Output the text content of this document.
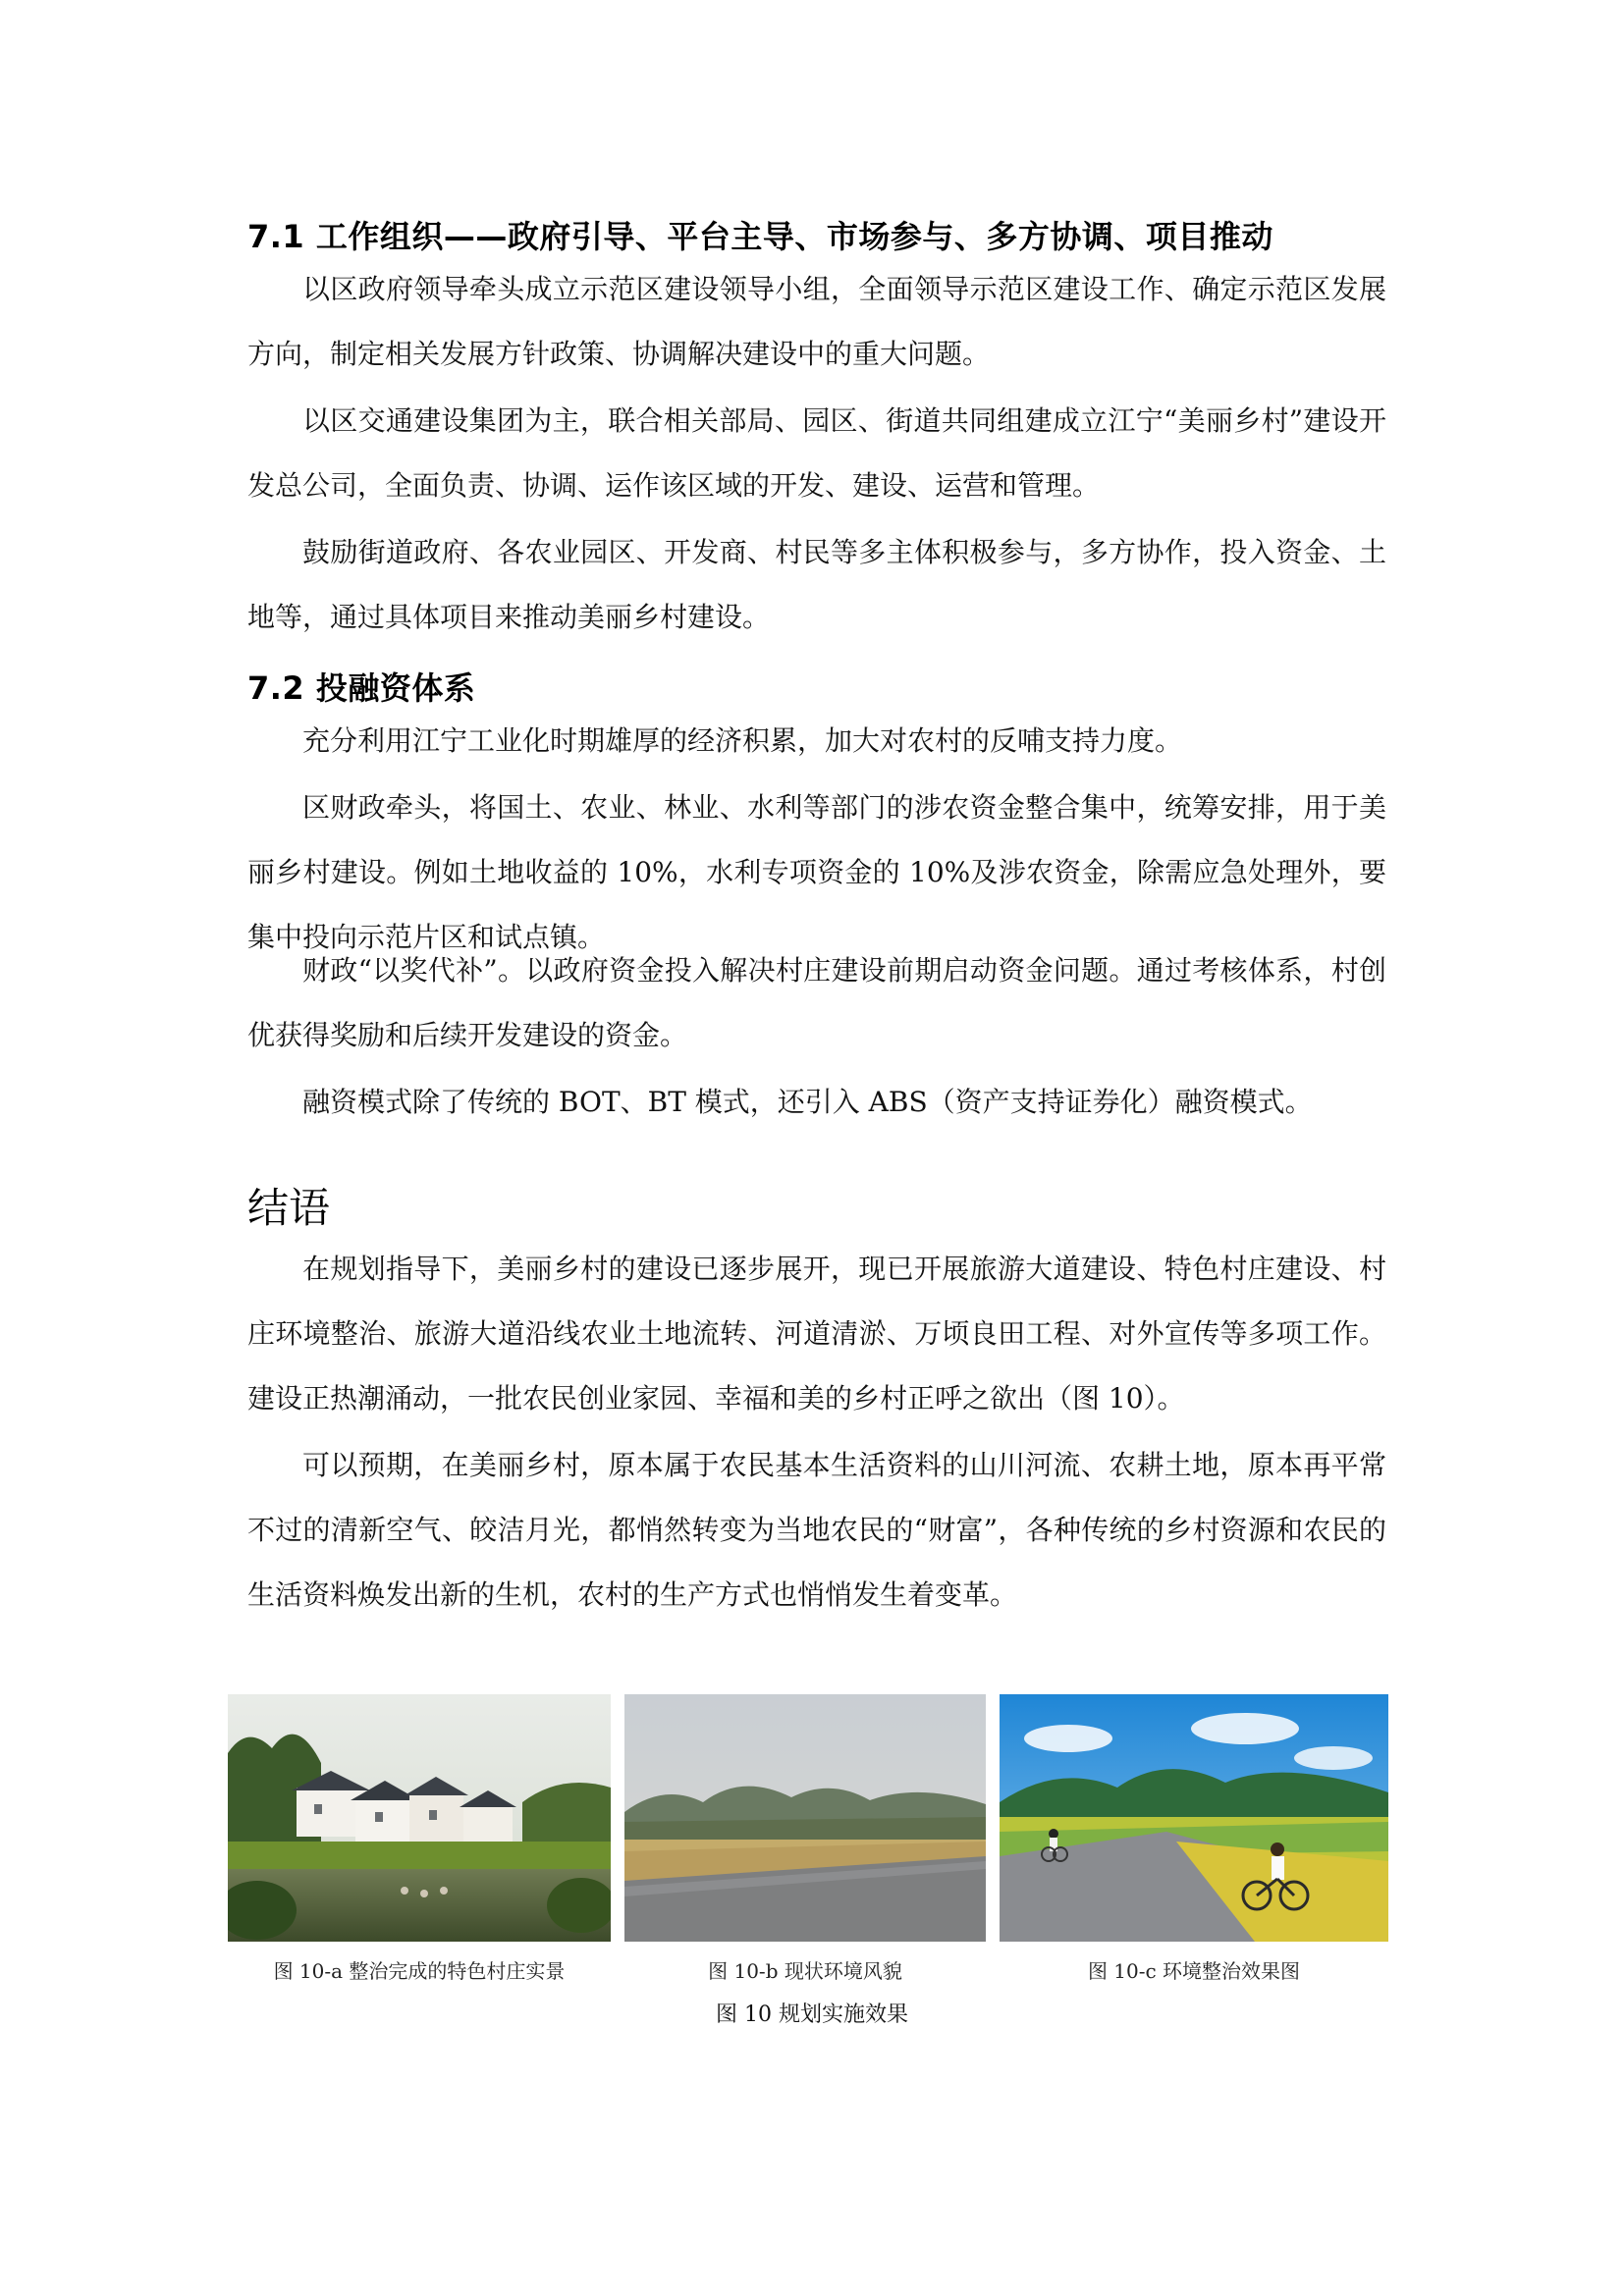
7.1 工作组织——政府引导、平台主导、市场参与、多方协调、项目推动

以区政府领导牵头成立示范区建设领导小组，全面领导示范区建设工作、确定示范区发展方向，制定相关发展方针政策、协调解决建设中的重大问题。

以区交通建设集团为主，联合相关部局、园区、街道共同组建成立江宁“美丽乡村”建设开发总公司，全面负责、协调、运作该区域的开发、建设、运营和管理。

鼓励街道政府、各农业园区、开发商、村民等多主体积极参与，多方协作，投入资金、土地等，通过具体项目来推动美丽乡村建设。

7.2 投融资体系

充分利用江宁工业化时期雄厚的经济积累，加大对农村的反哺支持力度。

区财政牵头，将国土、农业、林业、水利等部门的涉农资金整合集中，统筹安排，用于美丽乡村建设。例如土地收益的 10%，水利专项资金的 10%及涉农资金，除需应急处理外，要集中投向示范片区和试点镇。

财政“以奖代补”。以政府资金投入解决村庄建设前期启动资金问题。通过考核体系，村创优获得奖励和后续开发建设的资金。

融资模式除了传统的 BOT、BT 模式，还引入 ABS（资产支持证券化）融资模式。

结语

在规划指导下，美丽乡村的建设已逐步展开，现已开展旅游大道建设、特色村庄建设、村庄环境整治、旅游大道沿线农业土地流转、河道清淤、万顷良田工程、对外宣传等多项工作。建设正热潮涌动，一批农民创业家园、幸福和美的乡村正呼之欲出（图 10）。

可以预期，在美丽乡村，原本属于农民基本生活资料的山川河流、农耕土地，原本再平常不过的清新空气、皎洁月光，都悄然转变为当地农民的“财富”，各种传统的乡村资源和农民的生活资料焕发出新的生机，农村的生产方式也悄悄发生着变革。

图 10-a 整治完成的特色村庄实景	图 10-b 现状环境风貌	图 10-c 环境整治效果图
图 10 规划实施效果
